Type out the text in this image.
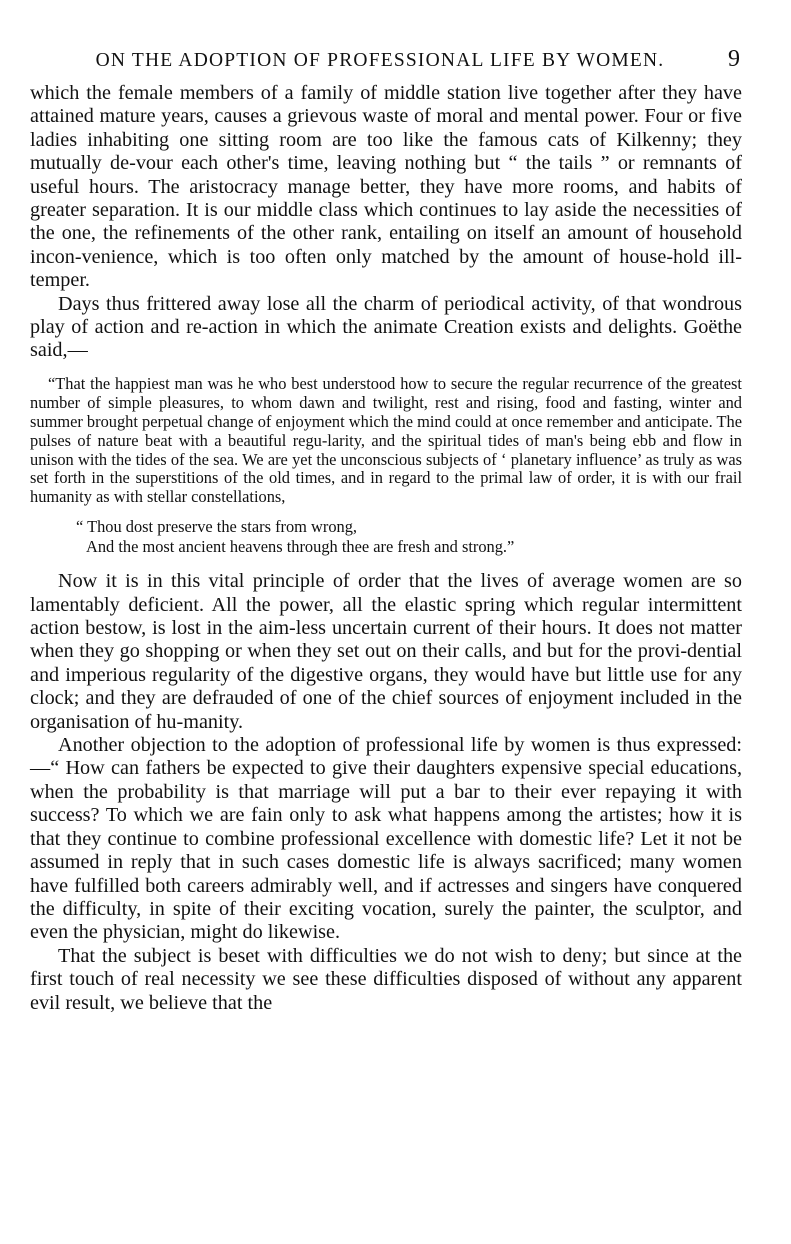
ON THE ADOPTION OF PROFESSIONAL LIFE BY WOMEN.	9

which the female members of a family of middle station live together after they have attained mature years, causes a grievous waste of moral and mental power. Four or five ladies inhabiting one sitting room are too like the famous cats of Kilkenny; they mutually de-vour each other's time, leaving nothing but “ the tails ” or remnants of useful hours. The aristocracy manage better, they have more rooms, and habits of greater separation. It is our middle class which continues to lay aside the necessities of the one, the refinements of the other rank, entailing on itself an amount of household incon-venience, which is too often only matched by the amount of house-hold ill-temper.

Days thus frittered away lose all the charm of periodical activity, of that wondrous play of action and re-action in which the animate Creation exists and delights. Goëthe said,—

“That the happiest man was he who best understood how to secure the regular recurrence of the greatest number of simple pleasures, to whom dawn and twilight, rest and rising, food and fasting, winter and summer brought perpetual change of enjoyment which the mind could at once remember and anticipate. The pulses of nature beat with a beautiful regu-larity, and the spiritual tides of man's being ebb and flow in unison with the tides of the sea. We are yet the unconscious subjects of ‘ planetary influence’ as truly as was set forth in the superstitions of the old times, and in regard to the primal law of order, it is with our frail humanity as with stellar constellations,

“ Thou dost preserve the stars from wrong,
And the most ancient heavens through thee are fresh and strong.”

Now it is in this vital principle of order that the lives of average women are so lamentably deficient. All the power, all the elastic spring which regular intermittent action bestow, is lost in the aim-less uncertain current of their hours. It does not matter when they go shopping or when they set out on their calls, and but for the provi-dential and imperious regularity of the digestive organs, they would have but little use for any clock; and they are defrauded of one of the chief sources of enjoyment included in the organisation of hu-manity.

Another objection to the adoption of professional life by women is thus expressed:—“ How can fathers be expected to give their daughters expensive special educations, when the probability is that marriage will put a bar to their ever repaying it with success? To which we are fain only to ask what happens among the artistes; how it is that they continue to combine professional excellence with domestic life? Let it not be assumed in reply that in such cases domestic life is always sacrificed; many women have fulfilled both careers admirably well, and if actresses and singers have conquered the difficulty, in spite of their exciting vocation, surely the painter, the sculptor, and even the physician, might do likewise.

That the subject is beset with difficulties we do not wish to deny; but since at the first touch of real necessity we see these difficulties disposed of without any apparent evil result, we believe that the
